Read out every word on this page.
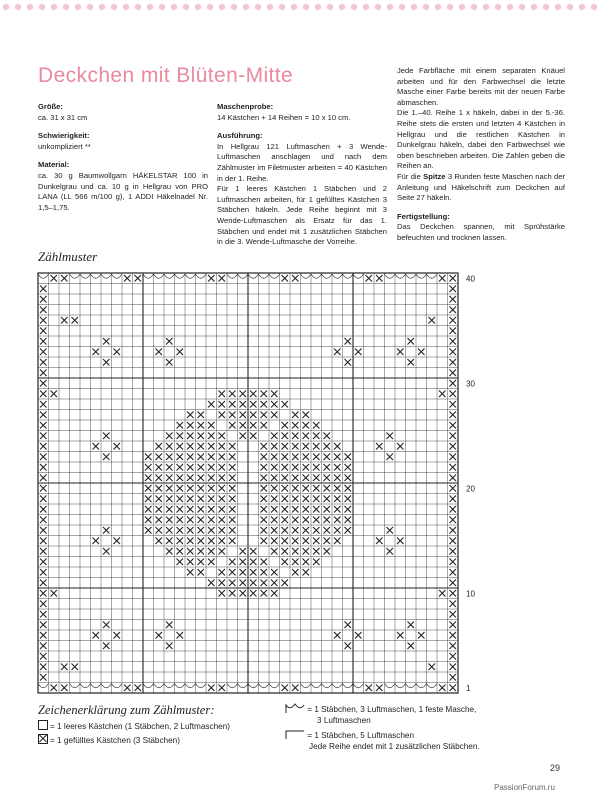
Deckchen mit Blüten-Mitte

Größe:
ca. 31 x 31 cm

Schwierigkeit:
unkompliziert **

Material:
ca. 30 g Baumwollgarn HÄKELSTAR 100 in Dunkelgrau und ca. 10 g in Hellgrau von PRO LANA (LL 566 m/100 g), 1 ADDI Häkelnadel Nr. 1,5–1,75.

Maschenprobe:
14 Kästchen + 14 Reihen = 10 x 10 cm.

Ausführung:
In Hellgrau 121 Luftmaschen + 3 Wende-Luftmaschen anschlagen und nach dem Zählmuster im Filetmuster arbeiten = 40 Kästchen in der 1. Reihe.

Für 1 leeres Kästchen 1 Stäbchen und 2 Luftmaschen arbeiten, für 1 gefülltes Kästchen 3 Stäbchen häkeln. Jede Reihe beginnt mit 3 Wende-Luftmaschen als Ersatz für das 1. Stäbchen und endet mit 1 zusätzlichen Stäbchen in die 3. Wende-Luftmasche der Vorreihe.

Jede Farbfläche mit einem separaten Knäuel arbeiten und für den Farbwechsel die letzte Masche einer Farbe bereits mit der neuen Farbe abmaschen.

Die 1.–40. Reihe 1 x häkeln, dabei in der 5.-36. Reihe stets die ersten und letzten 4 Kästchen in Hellgrau und die restlichen Kästchen in Dunkelgrau häkeln, dabei den Farbwechsel wie oben beschrieben arbeiten. Die Zahlen geben die Reihen an.

Für die Spitze 3 Runden feste Maschen nach der Anleitung und Häkelschrift zum Deckchen auf Seite 27 häkeln.

Fertigstellung:
Das Deckchen spannen, mit Sprühstärke befeuchten und trocknen lassen.

Zählmuster
1
10
20
30
40
Zeichenerklärung zum Zählmuster:
= 1 leeres Kästchen (1 Stäbchen, 2 Luftmaschen)
= 1 gefülltes Kästchen (3 Stäbchen)
= 1 Stäbchen, 3 Luftmaschen, 1 feste Masche,
3 Luftmaschen
= 1 Stäbchen, 5 Luftmaschen
Jede Reihe endet mit 1 zusätzlichen Stäbchen.
29
PassionForum.ru
